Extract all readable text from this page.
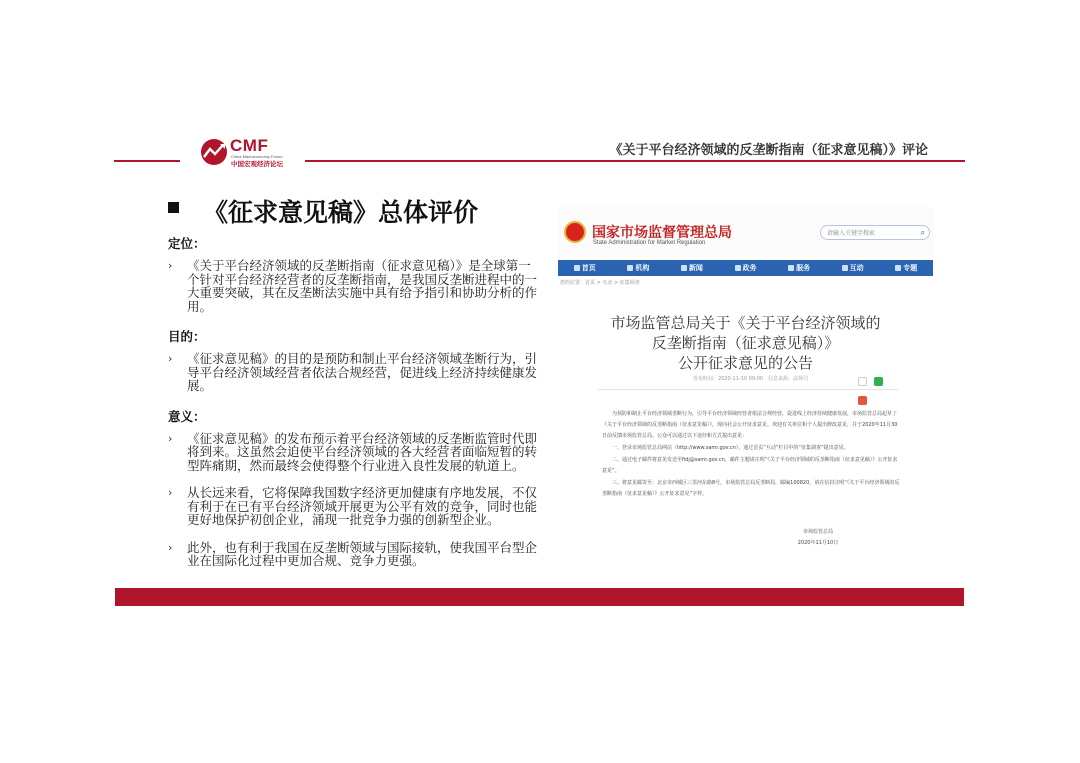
CMF
China Macroeconomy Forum
中国宏观经济论坛
《关于平台经济领域的反垄断指南（征求意见稿）》评论
《征求意见稿》总体评价
定位：
› 《关于平台经济领域的反垄断指南（征求意见稿）》是全球第一个针对平台经济经营者的反垄断指南，是我国反垄断进程中的一大重要突破，其在反垄断法实施中具有给予指引和协助分析的作用。
目的：
› 《征求意见稿》的目的是预防和制止平台经济领域垄断行为，引导平台经济领域经营者依法合规经营，促进线上经济持续健康发展。
意义：
› 《征求意见稿》的发布预示着平台经济领域的反垄断监管时代即将到来。这虽然会迫使平台经济领域的各大经营者面临短暂的转型阵痛期，然而最终会使得整个行业进入良性发展的轨道上。
› 从长远来看，它将保障我国数字经济更加健康有序地发展，不仅有利于在已有平台经济领域开展更为公平有效的竞争，同时也能更好地保护初创企业，涌现一批竞争力强的创新型企业。
› 此外，也有利于我国在反垄断领域与国际接轨，使我国平台型企业在国际化过程中更加合规、竞争力更强。
国家市场监督管理总局
State Administration for Market Regulation
请输入关键字搜索	⌕
首页	机构	新闻	政务	服务	互动	专题
您的位置：首页 > 互动 > 征集调查
市场监管总局关于《关于平台经济领域的
反垄断指南（征求意见稿）》
公开征求意见的公告
发布时间：2020-11-10 09:00　信息来源：法规司

为预防和制止平台经济领域垄断行为，引导平台经济领域经营者依法合规经营，促进线上经济持续健康发展，市场监管总局起草了《关于平台经济领域的反垄断指南（征求意见稿）》，现向社会公开征求意见。欢迎有关单位和个人提出修改意见，并于2020年11月30日前反馈市场监管总局。公众可以通过以下途径和方式提出意见：

一、登录市场监管总局网站（http://www.samr.gov.cn），通过首页“互动”栏目中的“征集调查”提出意见。

二、通过电子邮件将意见发送至fldj@samr.gov.cn，邮件主题请注明“《关于平台经济领域的反垄断指南（征求意见稿）》公开征求意见”。

三、将意见邮寄至：北京市西城区三里河东路8号，市场监管总局反垄断局，邮编100820，请在信封注明“《关于平台经济领域的反垄断指南（征求意见稿）》公开征求意见”字样。

市场监管总局
2020年11月10日
